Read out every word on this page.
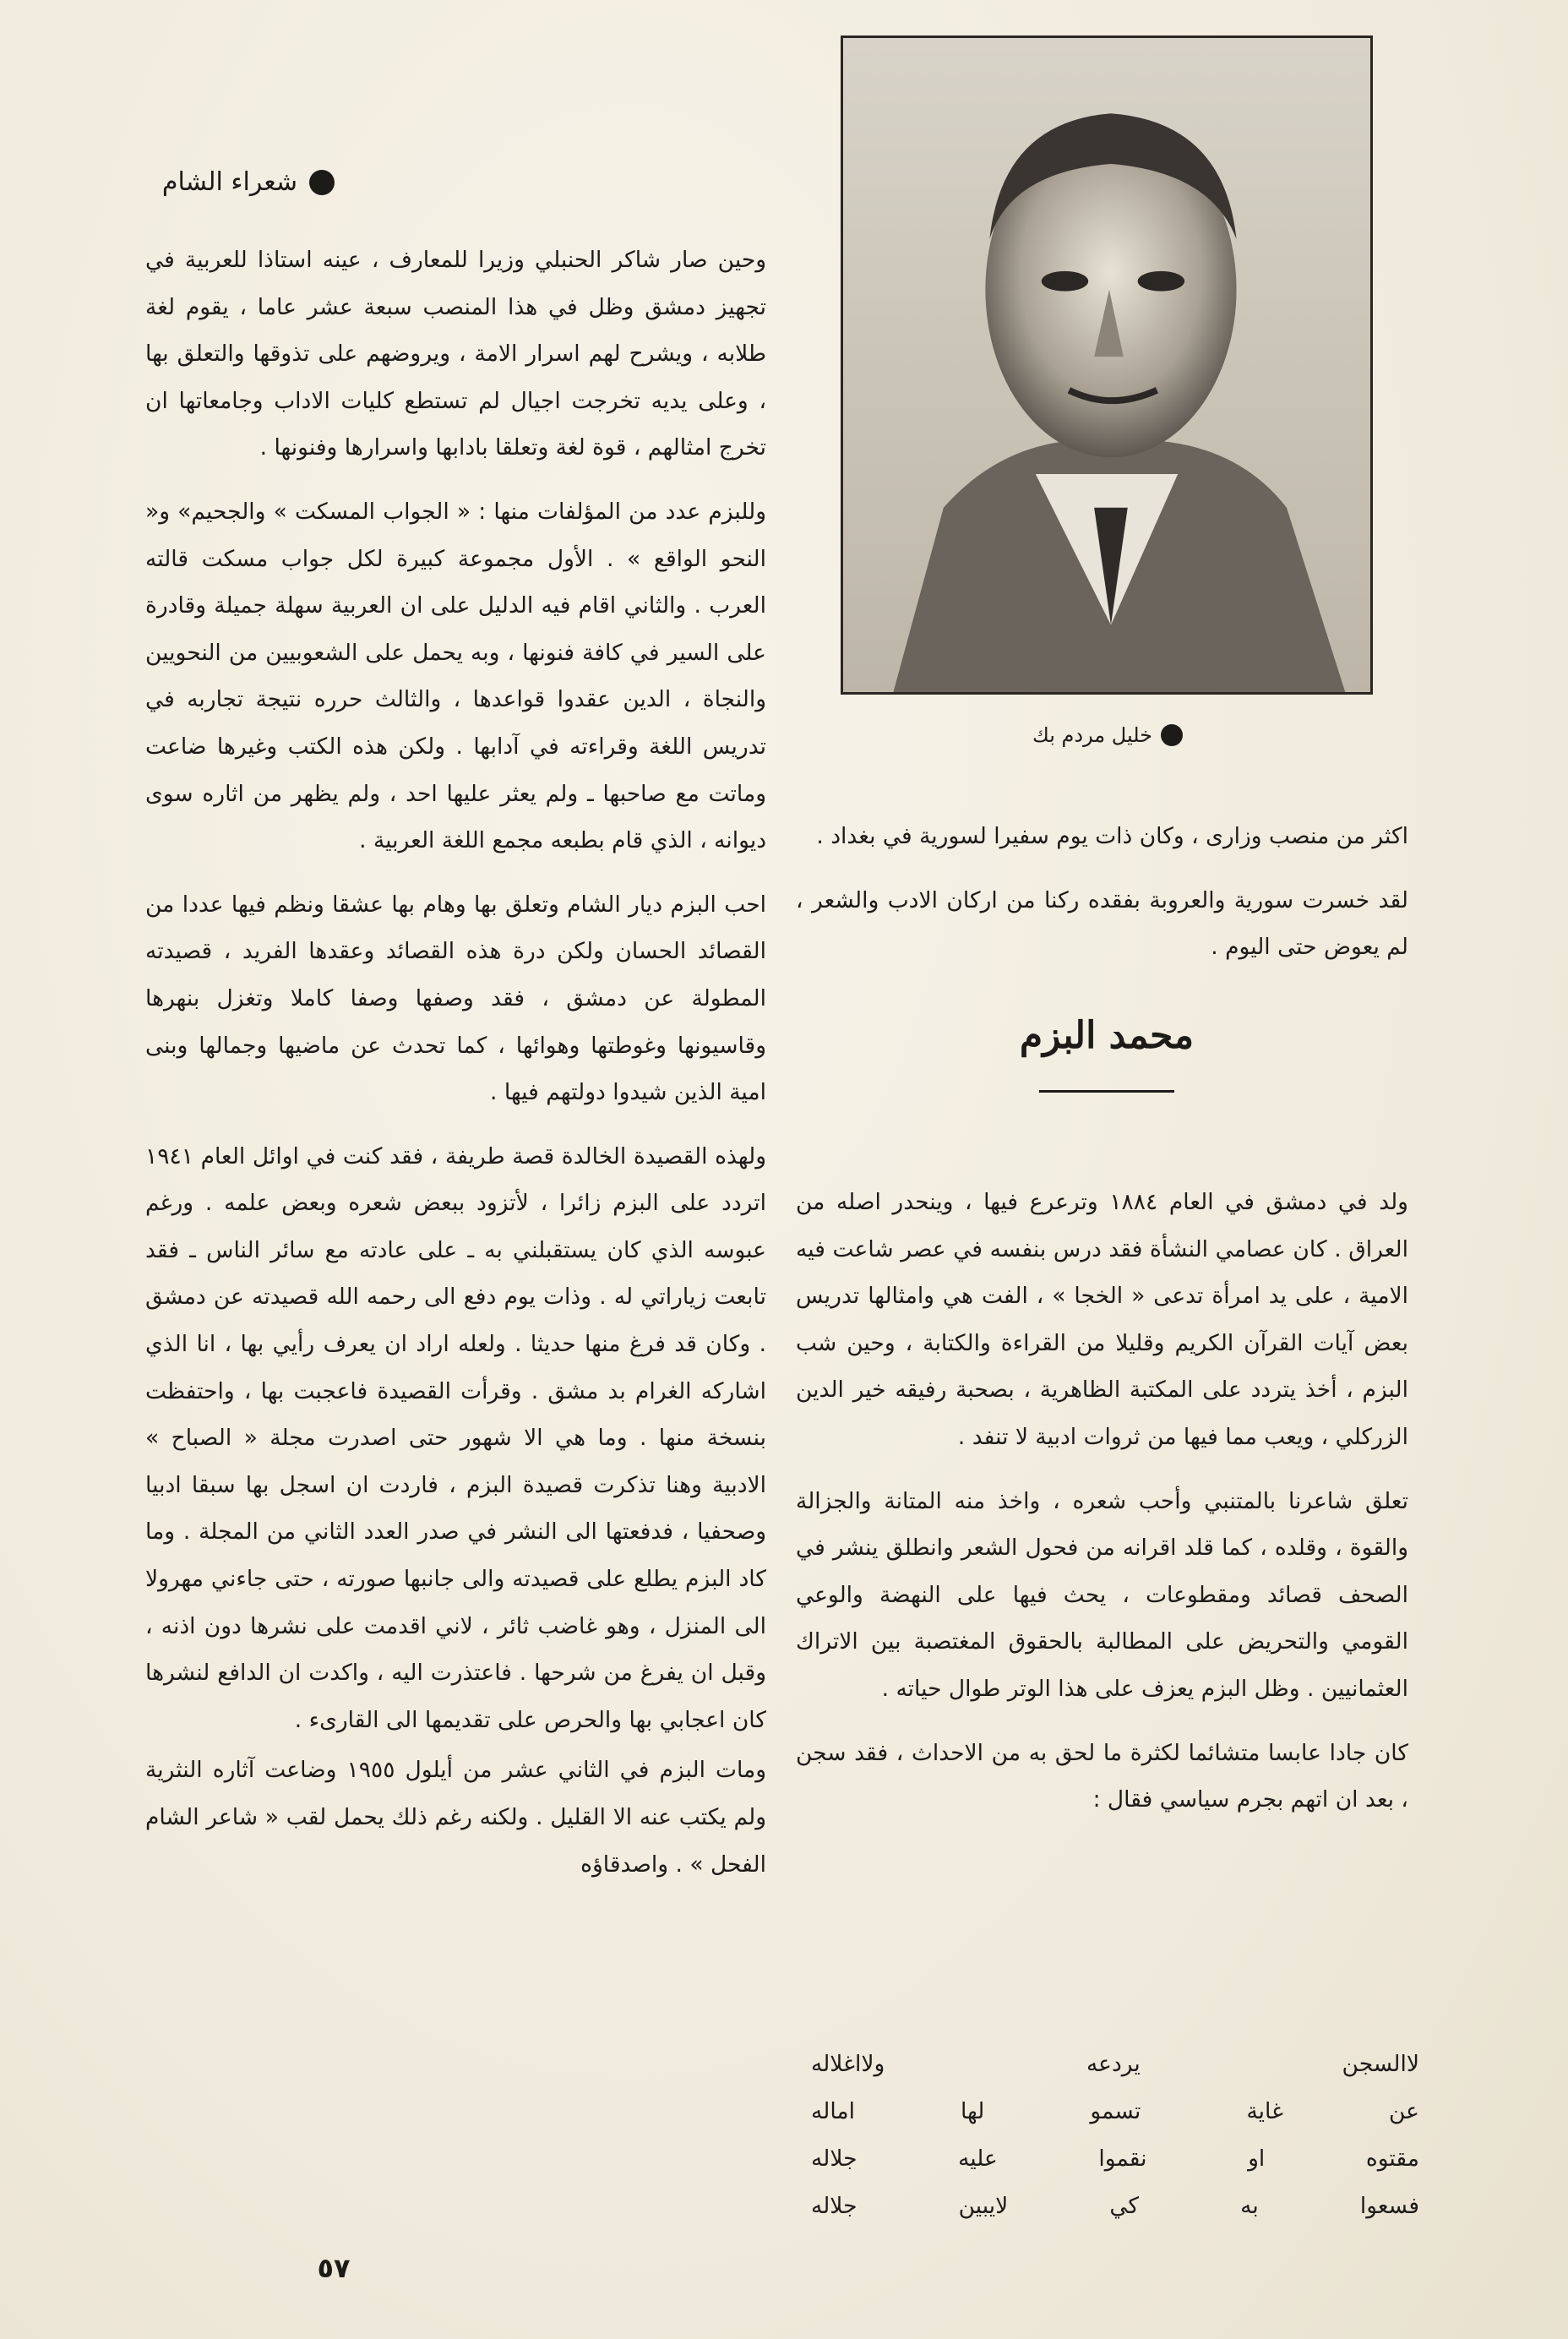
شعراء الشام

وحين صار شاكر الحنبلي وزيرا للمعارف ، عينه استاذا للعربية في تجهيز دمشق وظل في هذا المنصب سبعة عشر عاما ، يقوم لغة طلابه ، ويشرح لهم اسرار الامة ، ويروضهم على تذوقها والتعلق بها ، وعلى يديه تخرجت اجيال لم تستطع كليات الاداب وجامعاتها ان تخرج امثالهم ، قوة لغة وتعلقا بادابها واسرارها وفنونها .

وللبزم عدد من المؤلفات منها : « الجواب المسكت » والجحيم» و« النحو الواقع » . الأول مجموعة كبيرة لكل جواب مسكت قالته العرب . والثاني اقام فيه الدليل على ان العربية سهلة جميلة وقادرة على السير في كافة فنونها ، وبه يحمل على الشعوبيين من النحويين والنجاة ، الدين عقدوا قواعدها ، والثالث حرره نتيجة تجاربه في تدريس اللغة وقراءته في آدابها . ولكن هذه الكتب وغيرها ضاعت وماتت مع صاحبها ـ ولم يعثر عليها احد ، ولم يظهر من اثاره سوى ديوانه ، الذي قام بطبعه مجمع اللغة العربية .

احب البزم ديار الشام وتعلق بها وهام بها عشقا ونظم فيها عددا من القصائد الحسان ولكن درة هذه القصائد وعقدها الفريد ، قصيدته المطولة عن دمشق ، فقد وصفها وصفا كاملا وتغزل بنهرها وقاسيونها وغوطتها وهوائها ، كما تحدث عن ماضيها وجمالها وبنى امية الذين شيدوا دولتهم فيها .

ولهذه القصيدة الخالدة قصة طريفة ، فقد كنت في اوائل العام ١٩٤١ اتردد على البزم زائرا ، لأتزود ببعض شعره وبعض علمه . ورغم عبوسه الذي كان يستقبلني به ـ على عادته مع سائر الناس ـ فقد تابعت زياراتي له . وذات يوم دفع الى رحمه الله قصيدته عن دمشق . وكان قد فرغ منها حديثا . ولعله اراد ان يعرف رأيي بها ، انا الذي اشاركه الغرام بد مشق . وقرأت القصيدة فاعجبت بها ، واحتفظت بنسخة منها . وما هي الا شهور حتى اصدرت مجلة « الصباح » الادبية وهنا تذكرت قصيدة البزم ، فاردت ان اسجل بها سبقا ادبيا وصحفيا ، فدفعتها الى النشر في صدر العدد الثاني من المجلة . وما كاد البزم يطلع على قصيدته والى جانبها صورته ، حتى جاءني مهرولا الى المنزل ، وهو غاضب ثائر ، لاني اقدمت على نشرها دون اذنه ، وقبل ان يفرغ من شرحها . فاعتذرت اليه ، واكدت ان الدافع لنشرها كان اعجابي بها والحرص على تقديمها الى القارىء .

ومات البزم في الثاني عشر من أيلول ١٩٥٥ وضاعت آثاره النثرية ولم يكتب عنه الا القليل . ولكنه رغم ذلك يحمل لقب « شاعر الشام الفحل » . واصدقاؤه

خليل مردم بك

اكثر من منصب وزارى ، وكان ذات يوم سفيرا لسورية في بغداد .

لقد خسرت سورية والعروبة بفقده ركنا من اركان الادب والشعر ، لم يعوض حتى اليوم .

محمد البزم

ولد في دمشق في العام ١٨٨٤ وترعرع فيها ، وينحدر اصله من العراق . كان عصامي النشأة فقد درس بنفسه في عصر شاعت فيه الامية ، على يد امرأة تدعى « الخجا » ، الفت هي وامثالها تدريس بعض آيات القرآن الكريم وقليلا من القراءة والكتابة ، وحين شب البزم ، أخذ يتردد على المكتبة الظاهرية ، بصحبة رفيقه خير الدين الزركلي ، ويعب مما فيها من ثروات ادبية لا تنفد .

تعلق شاعرنا بالمتنبي وأحب شعره ، واخذ منه المتانة والجزالة والقوة ، وقلده ، كما قلد اقرانه من فحول الشعر وانطلق ينشر في الصحف قصائد ومقطوعات ، يحث فيها على النهضة والوعي القومي والتحريض على المطالبة بالحقوق المغتصبة بين الاتراك العثمانيين . وظل البزم يعزف على هذا الوتر طوال حياته .

كان جادا عابسا متشائما لكثرة ما لحق به من الاحداث ، فقد سجن ، بعد ان اتهم بجرم سياسي فقال :

لاالسجن
يردعه
ولااغلاله
عن
غاية
تسمو
لها
اماله
مقتوه
او
نقموا
عليه
جلاله
فسعوا
به
كي
لايبين
جلاله
٥٧
